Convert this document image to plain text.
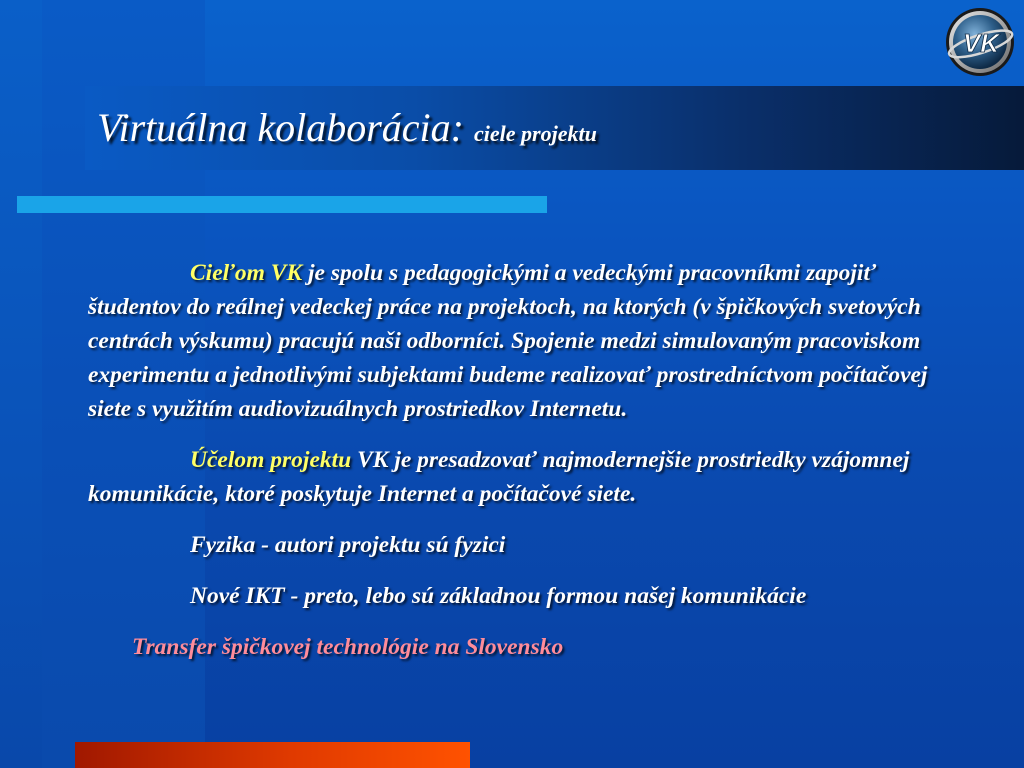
Virtuálna kolaborácia: ciele projektu
VK

Cieľom VK je spolu s pedagogickými a vedeckými pracovníkmi zapojiť študentov do reálnej vedeckej práce na projektoch, na ktorých (v špičkových svetových centrách výskumu) pracujú naši odborníci. Spojenie medzi simulovaným pracoviskom experimentu a jednotlivými subjektami budeme realizovať prostredníctvom počítačovej siete s využitím audiovizuálnych prostriedkov Internetu.

Účelom projektu VK je presadzovať najmodernejšie prostriedky vzájomnej komunikácie, ktoré poskytuje Internet a počítačové siete.

Fyzika - autori projektu sú fyzici

Nové IKT - preto, lebo sú základnou formou našej komunikácie

Transfer špičkovej technológie na Slovensko
